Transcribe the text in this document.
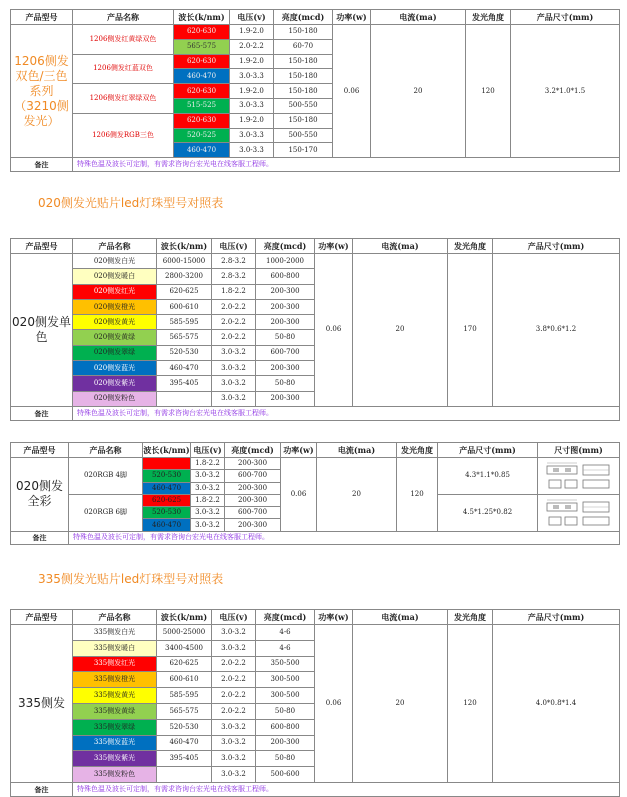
产品型号	产品名称	波长(k/nm)	电压(v)	亮度(mcd)	功率(w)	电流(ma)	发光角度	产品尺寸(mm)
1206侧发双色/三色系列（3210侧发光）	1206侧发红黄绿双色	620-630	1.9-2.0	150-180	0.06	20	120	3.2*1.0*1.5
		565-575	2.0-2.2	60-70				
	1206侧发红蓝双色	620-630	1.9-2.0	150-180				
		460-470	3.0-3.3	150-180				
	1206侧发红翠绿双色	620-630	1.9-2.0	150-180				
		515-525	3.0-3.3	500-550				
	1206侧发RGB三色	620-630	1.9-2.0	150-180				
		520-525	3.0-3.3	500-550				
		460-470	3.0-3.3	150-170				
备注	特殊色温及波长可定制，有需求咨询台宏光电在线客服工程师。							
020侧发光贴片led灯珠型号对照表
产品型号	产品名称	波长(k/nm)	电压(v)	亮度(mcd)	功率(w)	电流(ma)	发光角度	产品尺寸(mm)
020侧发单色	020侧发白光	6000-15000	2.8-3.2	1000-2000	0.06	20	170	3.8*0.6*1.2
	020侧发暖白	2800-3200	2.8-3.2	600-800				
	020侧发红光	620-625	1.8-2.2	200-300				
	020侧发橙光	600-610	2.0-2.2	200-300				
	020侧发黄光	585-595	2.0-2.2	200-300				
	020侧发黄绿	565-575	2.0-2.2	50-80				
	020侧发翠绿	520-530	3.0-3.2	600-700				
	020侧发蓝光	460-470	3.0-3.2	200-300				
	020侧发紫光	395-405	3.0-3.2	50-80				
	020侧发粉色		3.0-3.2	200-300				
备注	特殊色温及波长可定制，有需求咨询台宏光电在线客服工程师。							
产品型号	产品名称	波长(k/nm)	电压(v)	亮度(mcd)	功率(w)	电流(ma)	发光角度	产品尺寸(mm)	尺寸图(mm)
020侧发全彩	020RGB 4脚		1.8-2.2	200-300	0.06	20	120	4.3*1.1*0.85	

		520-530	3.0-3.2	600-700					
		460-470	3.0-3.2	200-300					
	020RGB 6脚	620-625	1.8-2.2	200-300				4.5*1.25*0.82	

		520-530	3.0-3.2	600-700					
		460-470	3.0-3.2	200-300					
备注	特殊色温及波长可定制，有需求咨询台宏光电在线客服工程师。								
335侧发光贴片led灯珠型号对照表
产品型号	产品名称	波长(k/nm)	电压(v)	亮度(mcd)	功率(w)	电流(ma)	发光角度	产品尺寸(mm)
335侧发	335侧发白光	5000-25000	3.0-3.2	4-6	0.06	20	120	4.0*0.8*1.4
	335侧发暖白	3400-4500	3.0-3.2	4-6				
	335侧发红光	620-625	2.0-2.2	350-500				
	335侧发橙光	600-610	2.0-2.2	300-500				
	335侧发黄光	585-595	2.0-2.2	300-500				
	335侧发黄绿	565-575	2.0-2.2	50-80				
	335侧发翠绿	520-530	3.0-3.2	600-800				
	335侧发蓝光	460-470	3.0-3.2	200-300				
	335侧发紫光	395-405	3.0-3.2	50-80				
	335侧发粉色		3.0-3.2	500-600				
备注	特殊色温及波长可定制，有需求咨询台宏光电在线客服工程师。							
